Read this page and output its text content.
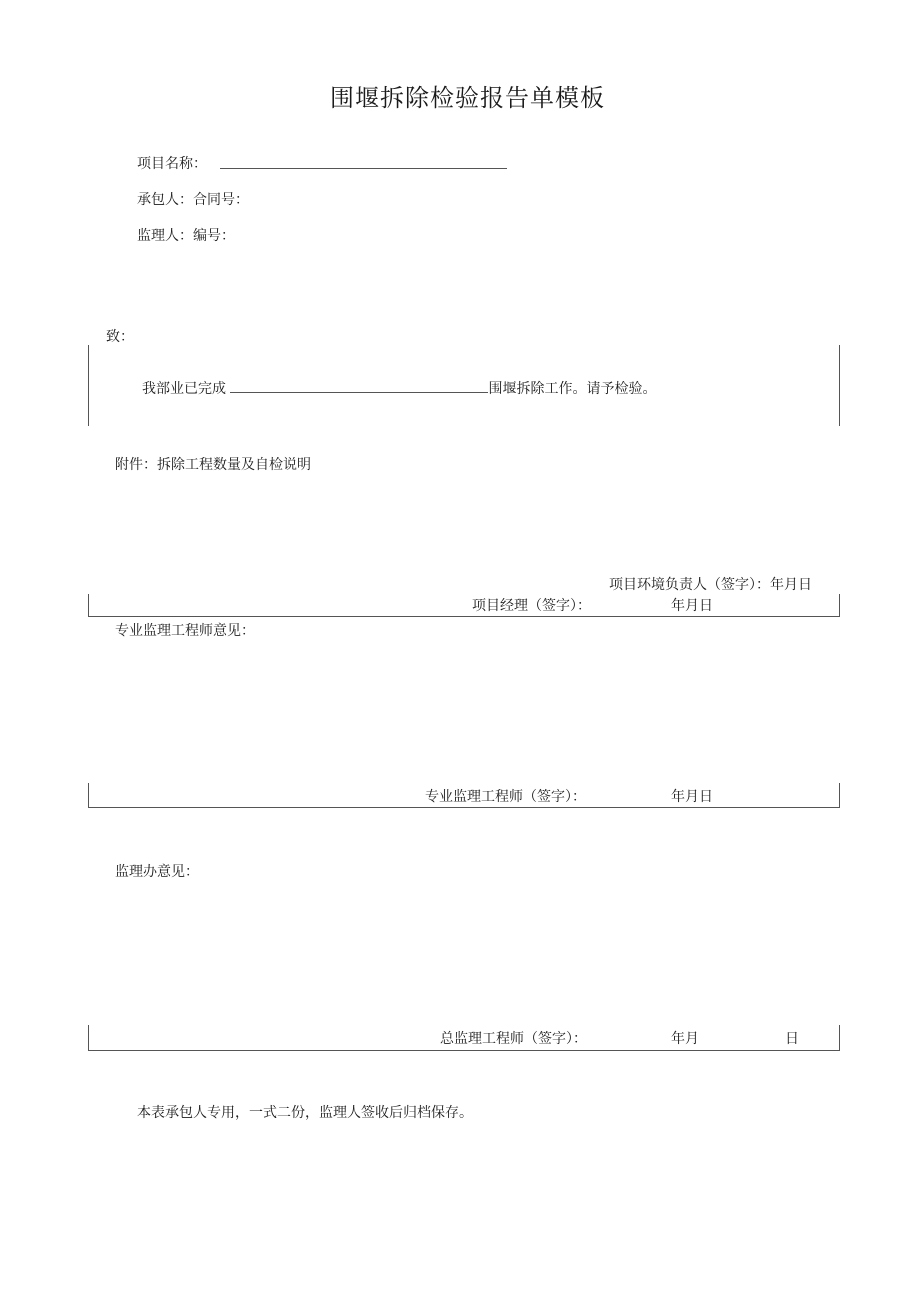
围堰拆除检验报告单模板
项目名称：
承包人：合同号：
监理人：编号：
致：
我部业已完成	围堰拆除工作。请予检验。
附件：拆除工程数量及自检说明
项目环境负责人（签字）：年月日
项目经理（签字）：	年月日
专业监理工程师意见：
专业监理工程师（签字）：	年月日
监理办意见：
总监理工程师（签字）：	年月	日
本表承包人专用，一式二份，监理人签收后归档保存。
